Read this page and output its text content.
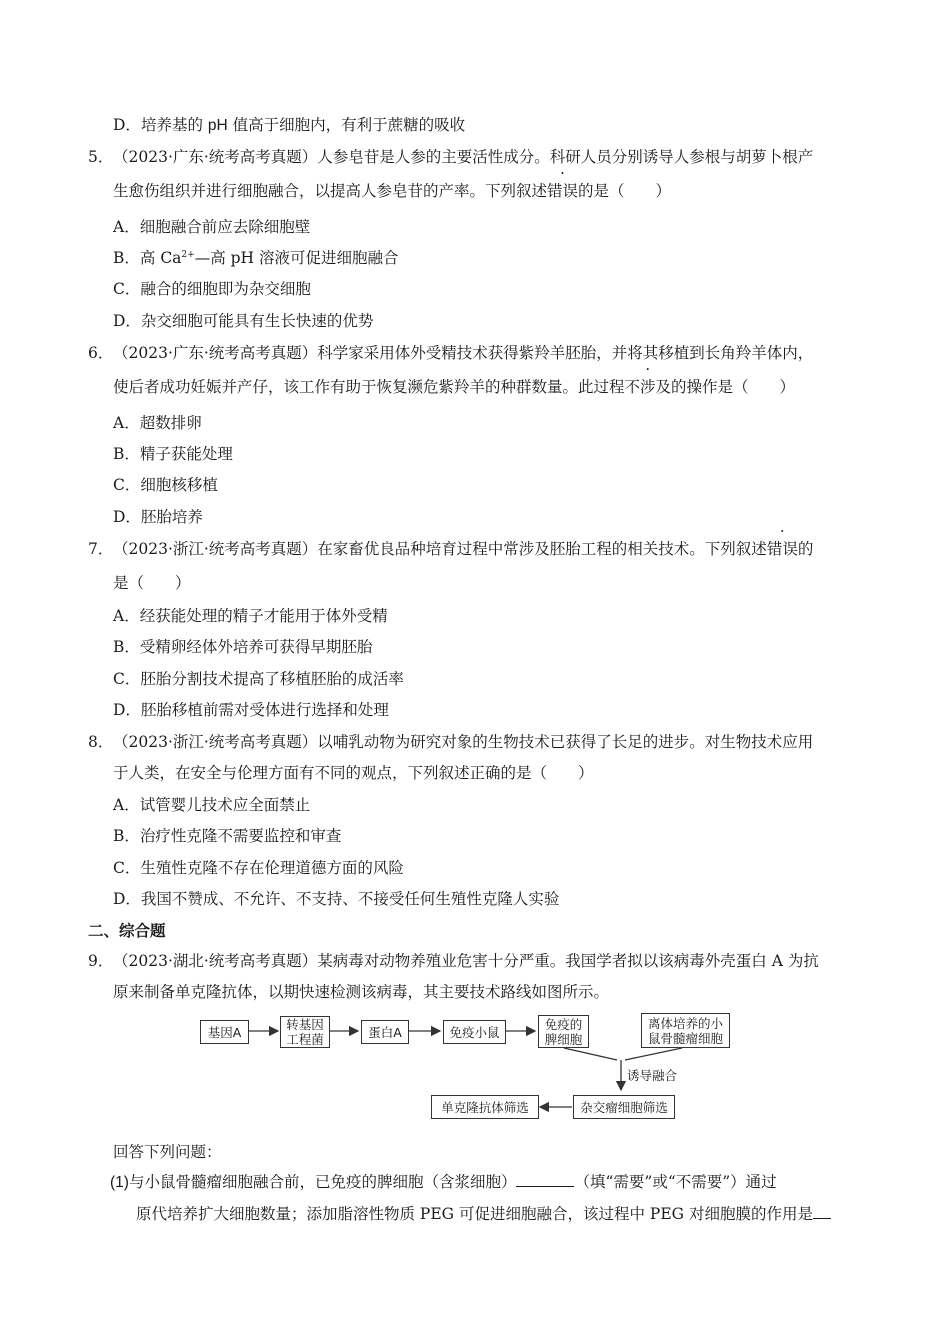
D．培养基的 pH 值高于细胞内，有利于蔗糖的吸收
5． （2023·广东·统考高考真题）人参皂苷是人参的主要活性成分。科研人员分别诱导人参根与胡萝卜根产
生愈伤组织并进行细胞融合，以提高人参皂苷的产率。下列叙述错误的是（　　）
A．细胞融合前应去除细胞壁
B．高 $Ca^{2+}—$高 pH 溶液可促进细胞融合
C．融合的细胞即为杂交细胞
D．杂交细胞可能具有生长快速的优势
6． （2023·广东·统考高考真题）科学家采用体外受精技术获得紫羚羊胚胎，并将其移植到长角羚羊体内，
使后者成功妊娠并产仔，该工作有助于恢复濒危紫羚羊的种群数量。此过程不涉及的操作是（　　）
A．超数排卵
B．精子获能处理
C．细胞核移植
D．胚胎培养
7． （2023·浙江·统考高考真题）在家畜优良品种培育过程中常涉及胚胎工程的相关技术。下列叙述错误的
是（　　）
A．经获能处理的精子才能用于体外受精
B．受精卵经体外培养可获得早期胚胎
C．胚胎分割技术提高了移植胚胎的成活率
D．胚胎移植前需对受体进行选择和处理
8． （2023·浙江·统考高考真题）以哺乳动物为研究对象的生物技术已获得了长足的进步。对生物技术应用
于人类，在安全与伦理方面有不同的观点，下列叙述正确的是（　　）
A．试管婴儿技术应全面禁止
B．治疗性克隆不需要监控和审查
C．生殖性克隆不存在伦理道德方面的风险
D．我国不赞成、不允许、不支持、不接受任何生殖性克隆人实验
二、综合题
9． （2023·湖北·统考高考真题）某病毒对动物养殖业危害十分严重。我国学者拟以该病毒外壳蛋白 A 为抗
原来制备单克隆抗体，以期快速检测该病毒，其主要技术路线如图所示。
基因A	转基因
工程菌	蛋白A	免疫小鼠
免疫的
脾细胞
离体培养的小
鼠骨髓瘤细胞
诱导融合
杂交瘤细胞筛选
单克隆抗体筛选
回答下列问题：
(1)与小鼠骨髓瘤细胞融合前，已免疫的脾细胞（含浆细胞）	（填“需要”或“不需要”）通过
原代培养扩大细胞数量；添加脂溶性物质 PEG 可促进细胞融合，该过程中 PEG 对细胞膜的作用是
